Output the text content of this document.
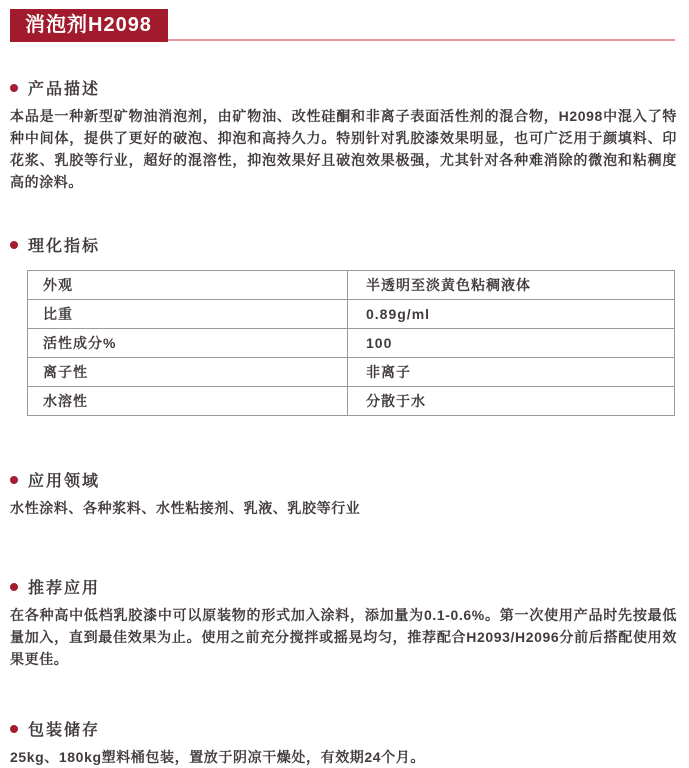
消泡剂H2098
产品描述
本品是一种新型矿物油消泡剂，由矿物油、改性硅酮和非离子表面活性剂的混合物，H2098中混入了特种中间体，提供了更好的破泡、抑泡和高持久力。特别针对乳胶漆效果明显，也可广泛用于颜填料、印花浆、乳胶等行业，超好的混溶性，抑泡效果好且破泡效果极强，尤其针对各种难消除的微泡和粘稠度高的涂料。
理化指标
外观	半透明至淡黄色粘稠液体
比重	0.89g/ml
活性成分%	100
离子性	非离子
水溶性	分散于水
应用领域
水性涂料、各种浆料、水性粘接剂、乳液、乳胶等行业
推荐应用
在各种高中低档乳胶漆中可以原装物的形式加入涂料，添加量为0.1-0.6%。第一次使用产品时先按最低量加入，直到最佳效果为止。使用之前充分搅拌或摇晃均匀，推荐配合H2093/H2096分前后搭配使用效果更佳。
包装储存
25kg、180kg塑料桶包装，置放于阴凉干燥处，有效期24个月。
